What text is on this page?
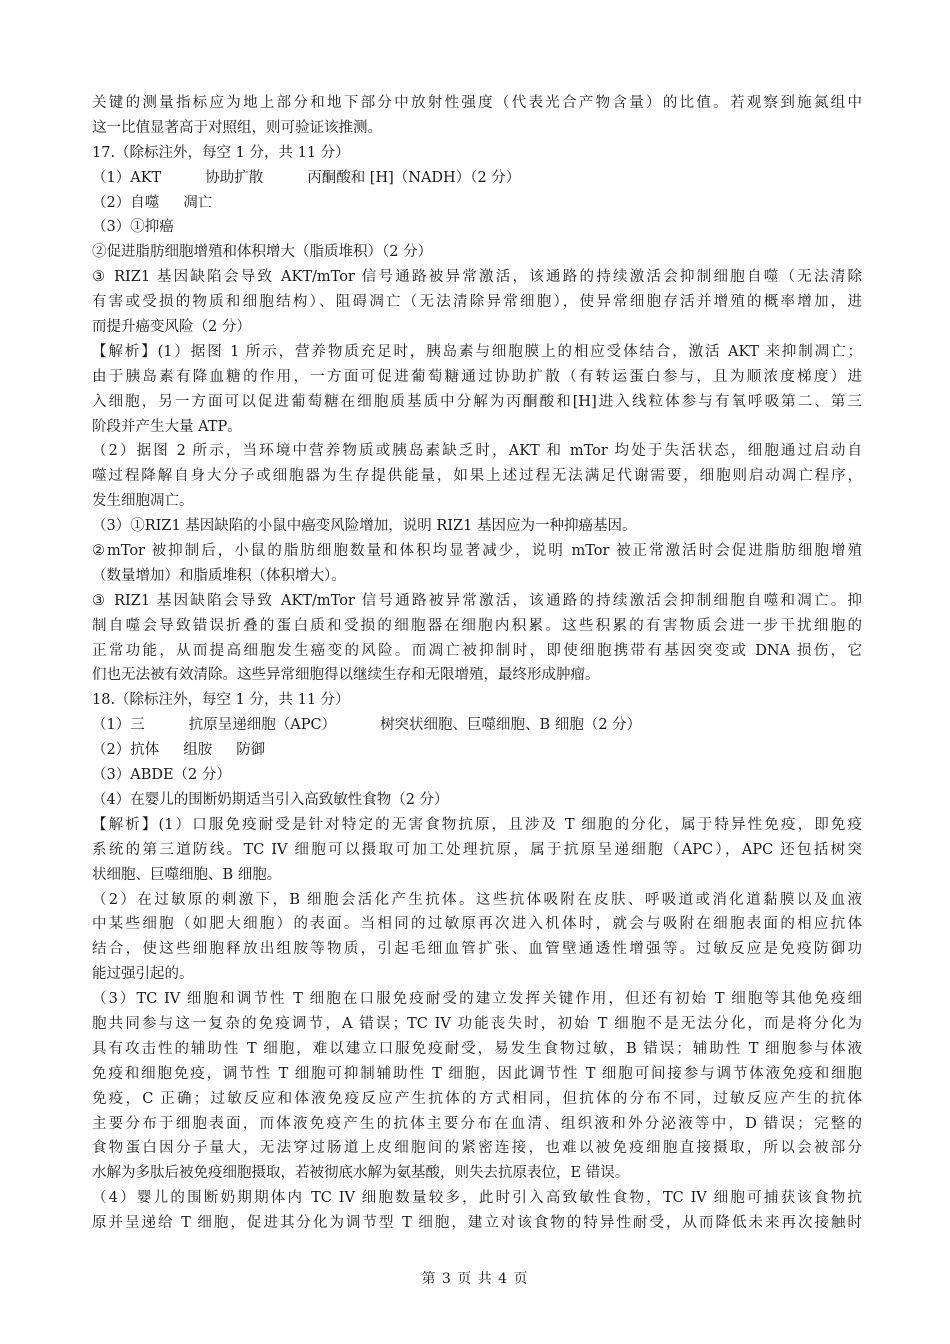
关键的测量指标应为地上部分和地下部分中放射性强度（代表光合产物含量）的比值。若观察到施氮组中
这一比值显著高于对照组，则可验证该推测。
17.（除标注外，每空 1 分，共 11 分）
（1）AKT	协助扩散	丙酮酸和 [H]（NADH）（2 分）
（2）自噬 凋亡
（3）①抑癌
②促进脂肪细胞增殖和体积增大（脂质堆积）（2 分）
③ RIZ1 基因缺陷会导致 AKT/mTor 信号通路被异常激活，该通路的持续激活会抑制细胞自噬（无法清除
有害或受损的物质和细胞结构）、阻碍凋亡（无法清除异常细胞），使异常细胞存活并增殖的概率增加，进
而提升癌变风险（2 分）
【解析】(1）据图 1 所示，营养物质充足时，胰岛素与细胞膜上的相应受体结合，激活 AKT 来抑制凋亡；
由于胰岛素有降血糖的作用，一方面可促进葡萄糖通过协助扩散（有转运蛋白参与，且为顺浓度梯度）进
入细胞，另一方面可以促进葡萄糖在细胞质基质中分解为丙酮酸和[H]进入线粒体参与有氧呼吸第二、第三
阶段并产生大量 ATP。
（2）据图 2 所示，当环境中营养物质或胰岛素缺乏时，AKT 和 mTor 均处于失活状态，细胞通过启动自
噬过程降解自身大分子或细胞器为生存提供能量，如果上述过程无法满足代谢需要，细胞则启动凋亡程序，
发生细胞凋亡。
（3）①RIZ1 基因缺陷的小鼠中癌变风险增加，说明 RIZ1 基因应为一种抑癌基因。
②mTor 被抑制后，小鼠的脂肪细胞数量和体积均显著减少，说明 mTor 被正常激活时会促进脂肪细胞增殖
（数量增加）和脂质堆积（体积增大）。
③ RIZ1 基因缺陷会导致 AKT/mTor 信号通路被异常激活，该通路的持续激活会抑制细胞自噬和凋亡。抑
制自噬会导致错误折叠的蛋白质和受损的细胞器在细胞内积累。这些积累的有害物质会进一步干扰细胞的
正常功能，从而提高细胞发生癌变的风险。而凋亡被抑制时，即使细胞携带有基因突变或 DNA 损伤，它
们也无法被有效清除。这些异常细胞得以继续生存和无限增殖，最终形成肿瘤。
18.（除标注外，每空 1 分，共 11 分）
（1）三	抗原呈递细胞（APC）	树突状细胞、巨噬细胞、B 细胞（2 分）
（2）抗体 组胺 防御
（3）ABDE（2 分）
（4）在婴儿的围断奶期适当引入高致敏性食物（2 分）
【解析】(1）口服免疫耐受是针对特定的无害食物抗原，且涉及 T 细胞的分化，属于特异性免疫，即免疫
系统的第三道防线。TC IV 细胞可以摄取可加工处理抗原，属于抗原呈递细胞（APC），APC 还包括树突
状细胞、巨噬细胞、B 细胞。
（2）在过敏原的刺激下，B 细胞会活化产生抗体。这些抗体吸附在皮肤、呼吸道或消化道黏膜以及血液
中某些细胞（如肥大细胞）的表面。当相同的过敏原再次进入机体时，就会与吸附在细胞表面的相应抗体
结合，使这些细胞释放出组胺等物质，引起毛细血管扩张、血管壁通透性增强等。过敏反应是免疫防御功
能过强引起的。
（3）TC IV 细胞和调节性 T 细胞在口服免疫耐受的建立发挥关键作用，但还有初始 T 细胞等其他免疫细
胞共同参与这一复杂的免疫调节，A 错误；TC IV 功能丧失时，初始 T 细胞不是无法分化，而是将分化为
具有攻击性的辅助性 T 细胞，难以建立口服免疫耐受，易发生食物过敏，B 错误；辅助性 T 细胞参与体液
免疫和细胞免疫，调节性 T 细胞可抑制辅助性 T 细胞，因此调节性 T 细胞可间接参与调节体液免疫和细胞
免疫，C 正确；过敏反应和体液免疫反应产生抗体的方式相同，但抗体的分布不同，过敏反应产生的抗体
主要分布于细胞表面，而体液免疫产生的抗体主要分布在血清、组织液和外分泌液等中，D 错误；完整的
食物蛋白因分子量大，无法穿过肠道上皮细胞间的紧密连接，也难以被免疫细胞直接摄取，所以会被部分
水解为多肽后被免疫细胞摄取，若被彻底水解为氨基酸，则失去抗原表位，E 错误。
（4）婴儿的围断奶期期体内 TC IV 细胞数量较多，此时引入高致敏性食物，TC IV 细胞可捕获该食物抗
原并呈递给 T 细胞，促进其分化为调节型 T 细胞，建立对该食物的特异性耐受，从而降低未来再次接触时
第 3 页 共 4 页
